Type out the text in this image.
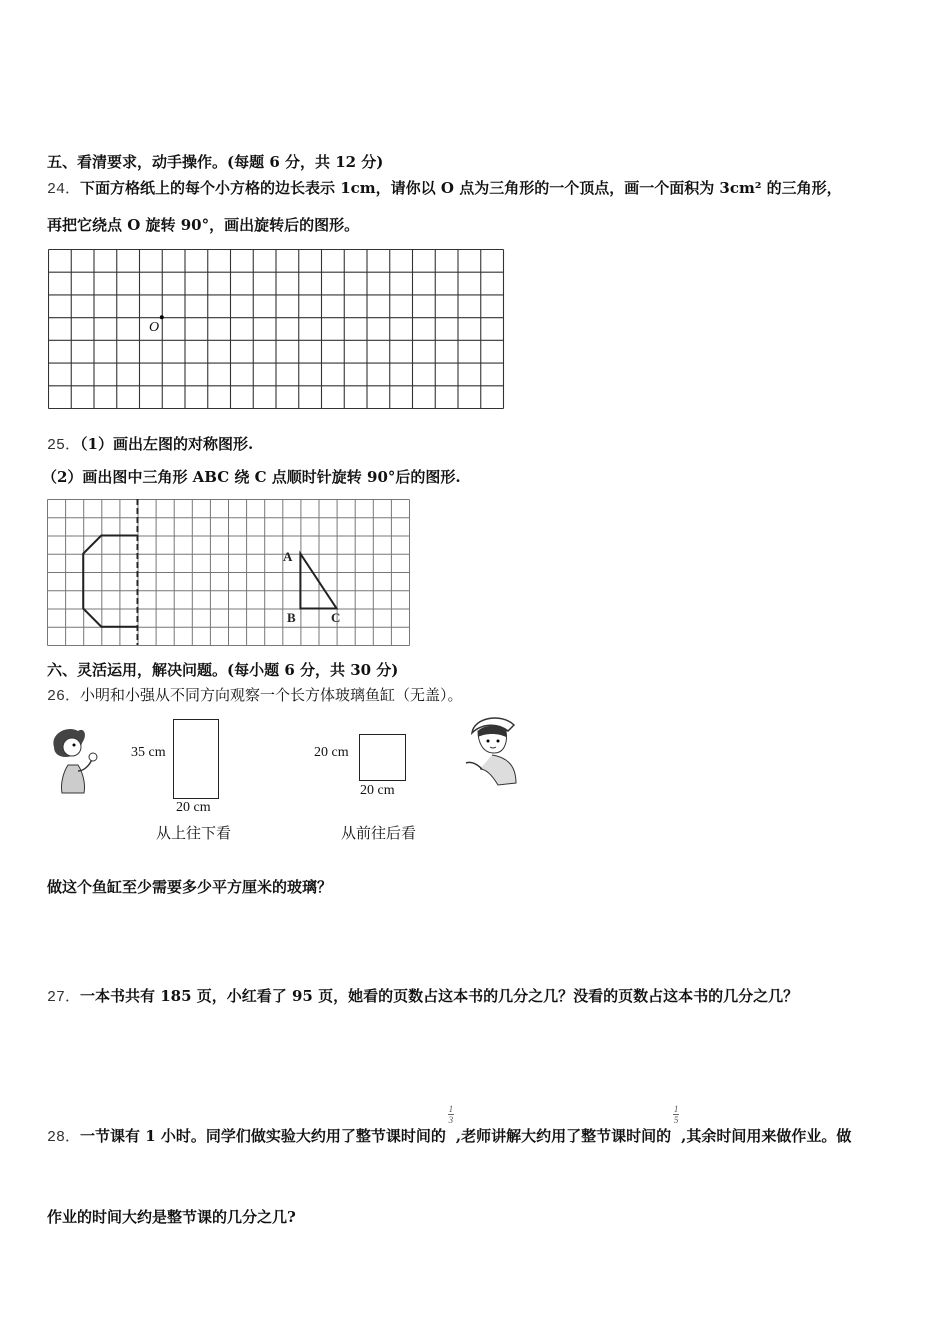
五、看清要求，动手操作。(每题 6 分，共 12 分)
24．下面方格纸上的每个小方格的边长表示 1cm，请你以 O 点为三角形的一个顶点，画一个面积为 3cm² 的三角形，
再把它绕点 O 旋转 90°，画出旋转后的图形。
O
25．（1）画出左图的对称图形.
（2）画出图中三角形 ABC 绕 C 点顺时针旋转 90°后的图形.
A
B	C
六、灵活运用，解决问题。(每小题 6 分，共 30 分)
26．小明和小强从不同方向观察一个长方体玻璃鱼缸（无盖）。
35 cm
20 cm
从上往下看
20 cm
20 cm
从前往后看
做这个鱼缸至少需要多少平方厘米的玻璃？
27．一本书共有 185 页，小红看了 95 页，她看的页数占这本书的几分之几？没看的页数占这本书的几分之几？
28．一节课有 1 小时。同学们做实验大约用了整节课时间的
1
3
,老师讲解大约用了整节课时间的
1
5
,其余时间用来做作业。做
作业的时间大约是整节课的几分之几?
